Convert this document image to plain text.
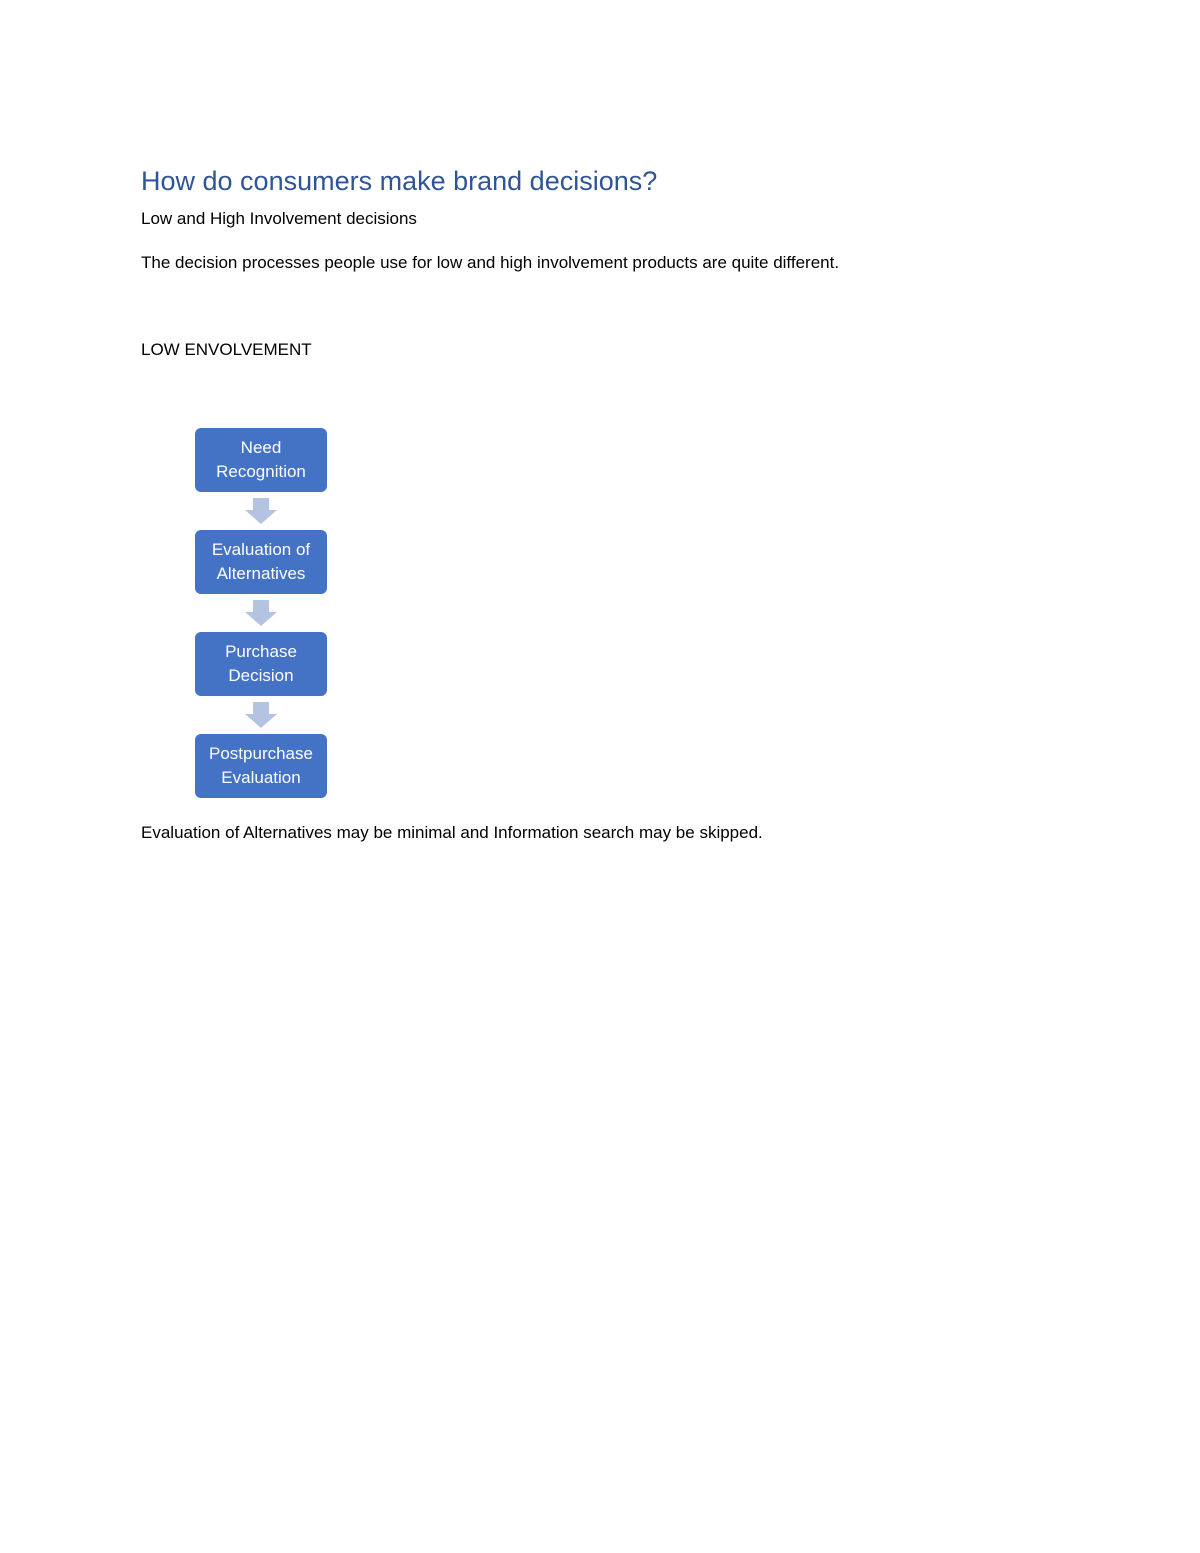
How do consumers make brand decisions?

Low and High Involvement decisions

The decision processes people use for low and high involvement products are quite different.

LOW ENVOLVEMENT

Need
Recognition
Evaluation of
Alternatives
Purchase
Decision
Postpurchase
Evaluation

Evaluation of Alternatives may be minimal and Information search may be skipped.
